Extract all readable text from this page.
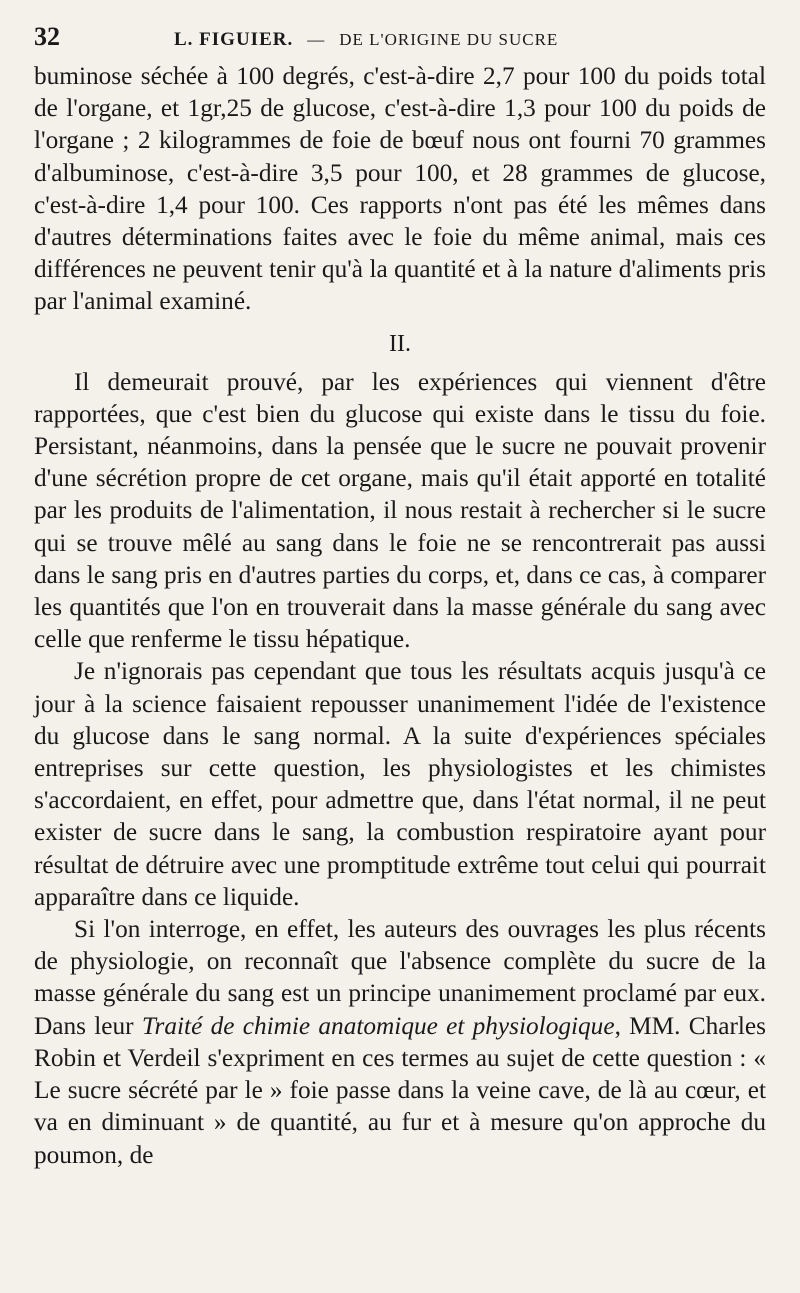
32	L. FIGUIER. — DE L'ORIGINE DU SUCRE

buminose séchée à 100 degrés, c'est-à-dire 2,7 pour 100 du poids total de l'organe, et 1gr,25 de glucose, c'est-à-dire 1,3 pour 100 du poids de l'organe ; 2 kilogrammes de foie de bœuf nous ont fourni 70 grammes d'albuminose, c'est-à-dire 3,5 pour 100, et 28 grammes de glucose, c'est-à-dire 1,4 pour 100. Ces rapports n'ont pas été les mêmes dans d'autres déterminations faites avec le foie du même animal, mais ces différences ne peuvent tenir qu'à la quantité et à la nature d'aliments pris par l'animal examiné.

II.

Il demeurait prouvé, par les expériences qui viennent d'être rapportées, que c'est bien du glucose qui existe dans le tissu du foie. Persistant, néanmoins, dans la pensée que le sucre ne pouvait provenir d'une sécrétion propre de cet organe, mais qu'il était apporté en totalité par les produits de l'alimentation, il nous restait à rechercher si le sucre qui se trouve mêlé au sang dans le foie ne se rencontrerait pas aussi dans le sang pris en d'autres parties du corps, et, dans ce cas, à comparer les quantités que l'on en trouverait dans la masse générale du sang avec celle que renferme le tissu hépatique.

Je n'ignorais pas cependant que tous les résultats acquis jusqu'à ce jour à la science faisaient repousser unanimement l'idée de l'existence du glucose dans le sang normal. A la suite d'expériences spéciales entreprises sur cette question, les physiologistes et les chimistes s'accordaient, en effet, pour admettre que, dans l'état normal, il ne peut exister de sucre dans le sang, la combustion respiratoire ayant pour résultat de détruire avec une promptitude extrême tout celui qui pourrait apparaître dans ce liquide.

Si l'on interroge, en effet, les auteurs des ouvrages les plus récents de physiologie, on reconnaît que l'absence complète du sucre de la masse générale du sang est un principe unanimement proclamé par eux. Dans leur Traité de chimie anatomique et physiologique, MM. Charles Robin et Verdeil s'expriment en ces termes au sujet de cette question : « Le sucre sécrété par le » foie passe dans la veine cave, de là au cœur, et va en diminuant » de quantité, au fur et à mesure qu'on approche du poumon, de
